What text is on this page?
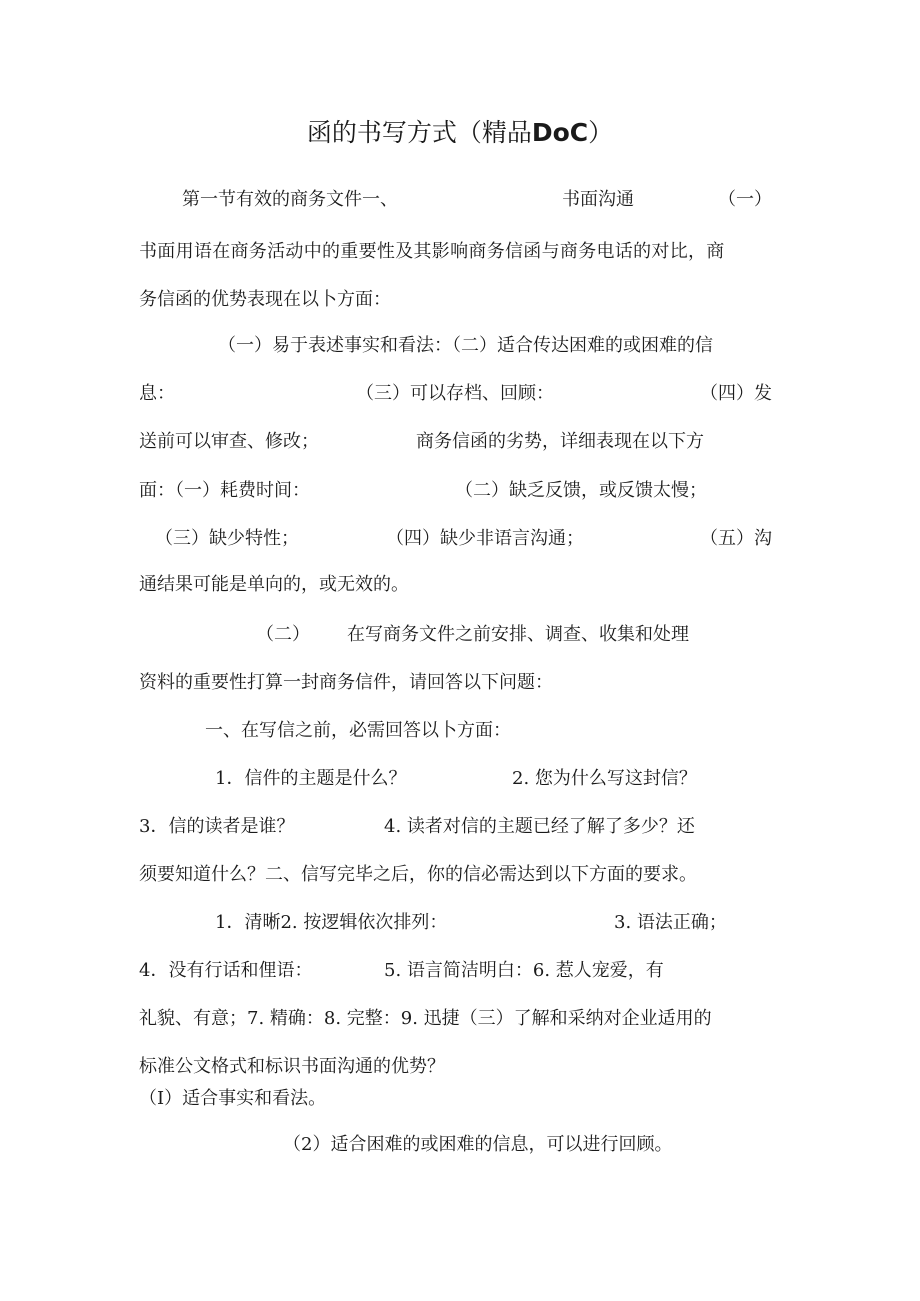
函的书写方式（精品DoC）
第一节有效的商务文件一、	书面沟通	（一）
书面用语在商务活动中的重要性及其影响商务信函与商务电话的对比，商
务信函的优势表现在以卜方面：
（一）易于表述事实和看法：（二）适合传达困难的或困难的信
息：	（三）可以存档、回顾：	（四）发
送前可以审查、修改；	商务信函的劣势，详细表现在以下方
面：（一）耗费时间：	（二）缺乏反馈，或反馈太慢；
（三）缺少特性；	（四）缺少非语言沟通；	（五）沟
通结果可能是单向的，或无效的。
（二） 在写商务文件之前安排、调查、收集和处理
资料的重要性打算一封商务信件，请回答以下问题：
一、在写信之前，必需回答以卜方面：
1．信件的主题是什么？	2. 您为什么写这封信？
3．信的读者是谁？	4. 读者对信的主题已经了解了多少？还
须要知道什么？二、信写完毕之后，你的信必需达到以下方面的要求。
1．清晰2. 按逻辑依次排列：	3. 语法正确；
4．没有行话和俚语：	5. 语言简洁明白：6. 惹人宠爱，有
礼貌、有意；7. 精确：8. 完整：9. 迅捷（三）了解和采纳对企业适用的
标准公文格式和标识书面沟通的优势？
（I）适合事实和看法。
（2）适合困难的或困难的信息，可以进行回顾。
